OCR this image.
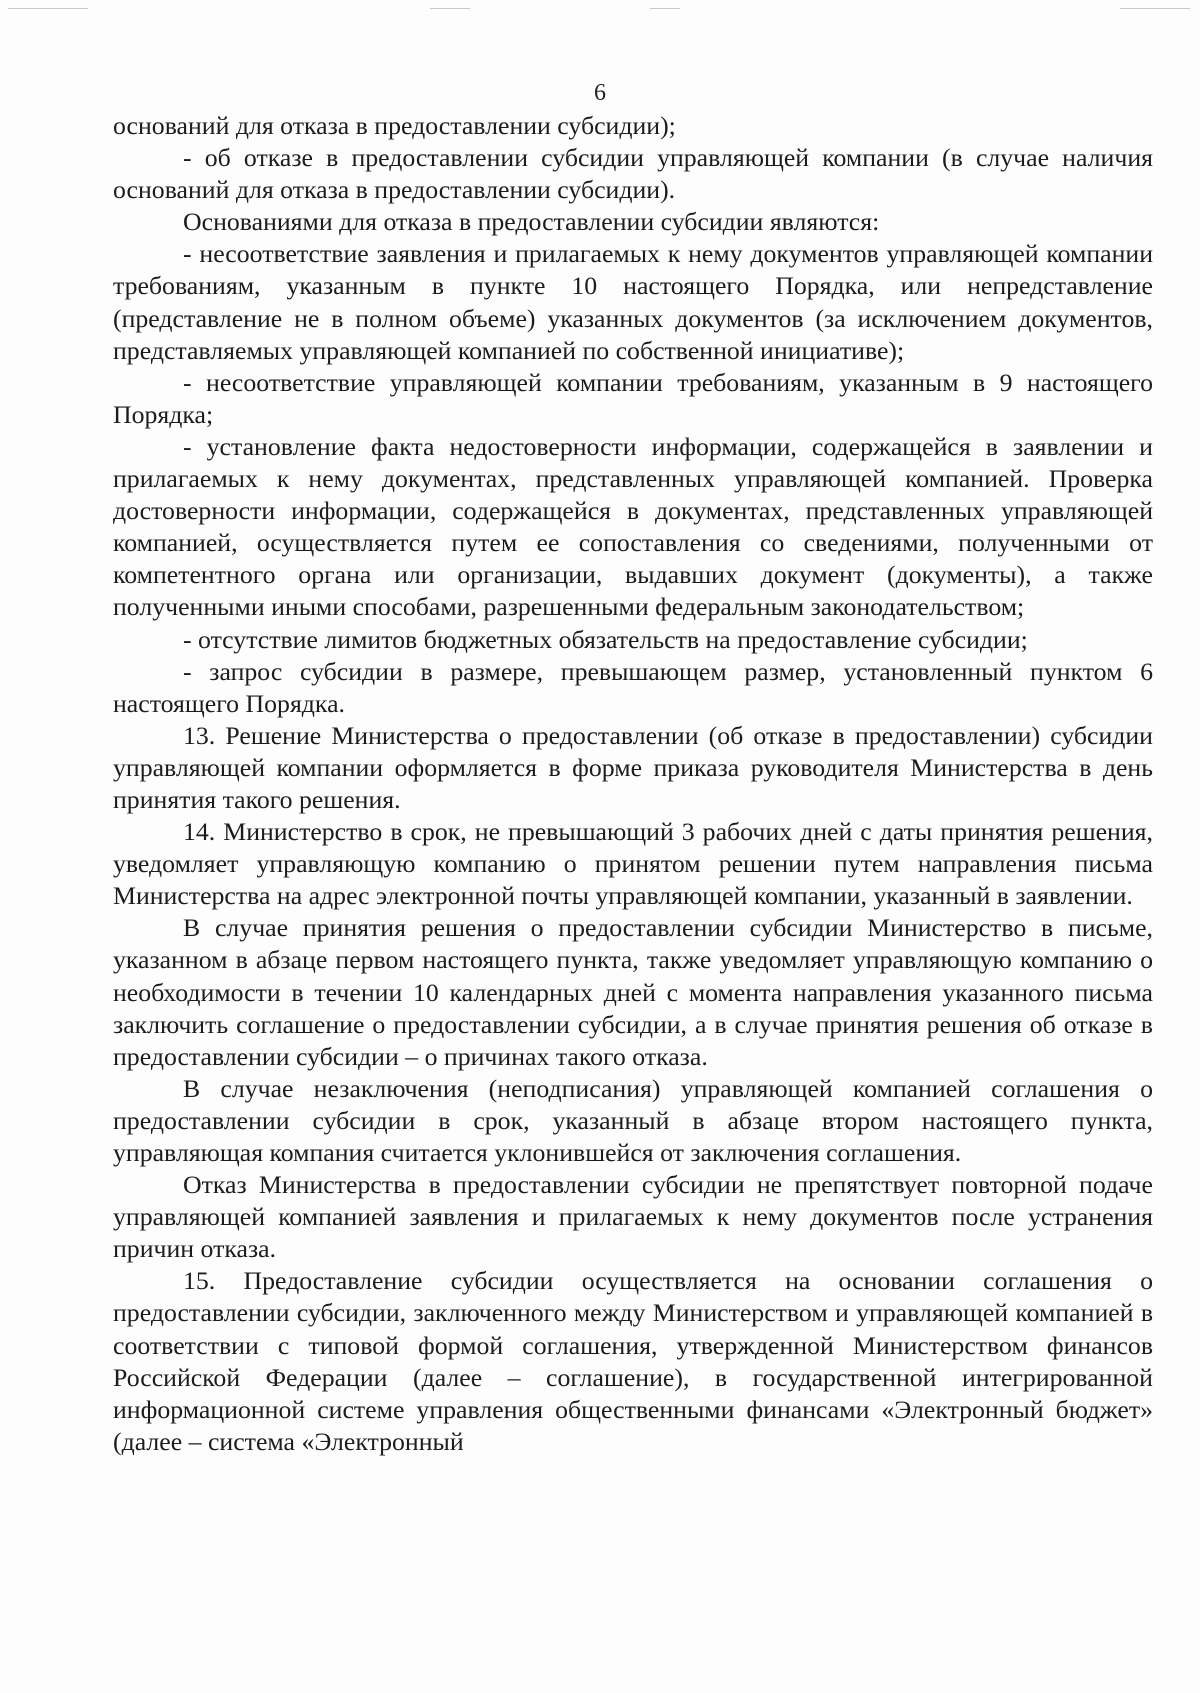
6

оснований для отказа в предоставлении субсидии);

- об отказе в предоставлении субсидии управляющей компании (в случае наличия оснований для отказа в предоставлении субсидии).

Основаниями для отказа в предоставлении субсидии являются:

- несоответствие заявления и прилагаемых к нему документов управляющей компании требованиям, указанным в пункте 10 настоящего Порядка, или непредставление (представление не в полном объеме) указанных документов (за исключением документов, представляемых управляющей компанией по собственной инициативе);

- несоответствие управляющей компании требованиям, указанным в 9 настоящего Порядка;

- установление факта недостоверности информации, содержащейся в заявлении и прилагаемых к нему документах, представленных управляющей компанией. Проверка достоверности информации, содержащейся в документах, представленных управляющей компанией, осуществляется путем ее сопоставления со сведениями, полученными от компетентного органа или организации, выдавших документ (документы), а также полученными иными способами, разрешенными федеральным законодательством;

- отсутствие лимитов бюджетных обязательств на предоставление субсидии;

- запрос субсидии в размере, превышающем размер, установленный пунктом 6 настоящего Порядка.

13. Решение Министерства о предоставлении (об отказе в предоставлении) субсидии управляющей компании оформляется в форме приказа руководителя Министерства в день принятия такого решения.

14. Министерство в срок, не превышающий 3 рабочих дней с даты принятия решения, уведомляет управляющую компанию о принятом решении путем направления письма Министерства на адрес электронной почты управляющей компании, указанный в заявлении.

В случае принятия решения о предоставлении субсидии Министерство в письме, указанном в абзаце первом настоящего пункта, также уведомляет управляющую компанию о необходимости в течении 10 календарных дней с момента направления указанного письма заключить соглашение о предоставлении субсидии, а в случае принятия решения об отказе в предоставлении субсидии – о причинах такого отказа.

В случае незаключения (неподписания) управляющей компанией соглашения о предоставлении субсидии в срок, указанный в абзаце втором настоящего пункта, управляющая компания считается уклонившейся от заключения соглашения.

Отказ Министерства в предоставлении субсидии не препятствует повторной подаче управляющей компанией заявления и прилагаемых к нему документов после устранения причин отказа.

15. Предоставление субсидии осуществляется на основании соглашения о предоставлении субсидии, заключенного между Министерством и управляющей компанией в соответствии с типовой формой соглашения, утвержденной Министерством финансов Российской Федерации (далее – соглашение), в государственной интегрированной информационной системе управления общественными финансами «Электронный бюджет» (далее – система «Электронный
